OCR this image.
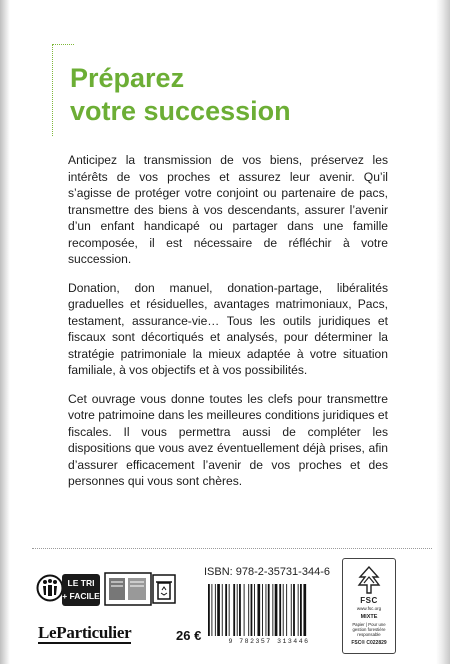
Préparez
votre succession

Anticipez la transmission de vos biens, préservez les intérêts de vos proches et assurez leur avenir. Qu’il s’agisse de protéger votre conjoint ou partenaire de pacs, transmettre des biens à vos descendants, assurer l’avenir d’un enfant handicapé ou partager dans une famille recomposée, il est nécessaire de réfléchir à votre succession.

Donation, don manuel, donation-partage, libéralités graduelles et résiduelles, avantages matrimoniaux, Pacs, testament, assurance-vie… Tous les outils juridiques et fiscaux sont décortiqués et analysés, pour déterminer la stratégie patrimoniale la mieux adaptée à votre situation familiale, à vos objectifs et à vos possibilités.

Cet ouvrage vous donne toutes les clefs pour transmettre votre patrimoine dans les meilleures conditions juridiques et fiscales. Il vous permettra aussi de compléter les dispositions que vous avez éventuellement déjà prises, afin d’assurer efficacement l’avenir de vos proches et des personnes qui vous sont chères.

LE TRI
+ FACILE
LeParticulier	26 €
ISBN: 978-2-35731-344-6
9 782357 313446
FSC
www.fsc.org
MIXTE
Papier | Pour une gestion forestière responsable
FSC® C022829
